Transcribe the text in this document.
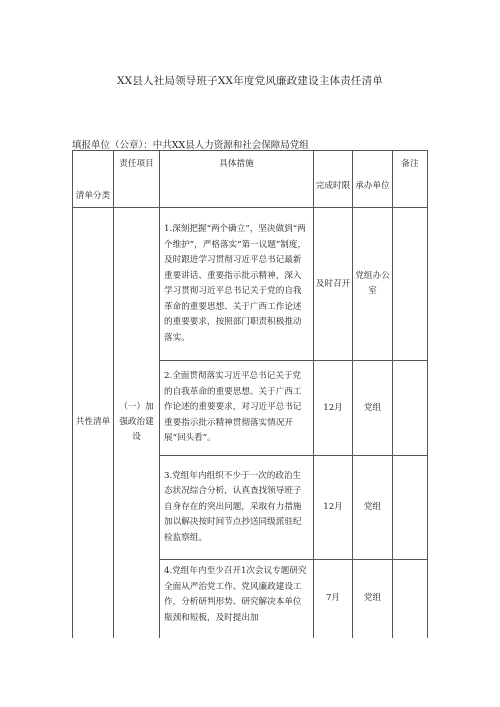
XX县人社局领导班子XX年度党风廉政建设主体责任清单
填报单位（公章）：中共XX县人力资源和社会保障局党组
清单分类	责任项目	具体措施	完成时限	承办单位	备注
共性清单	（一）加强政治建设	1.深刻把握“两个确立”，坚决做到“两个维护”，严格落实“第一议题”制度，及时跟进学习贯彻习近平总书记最新重要讲话、重要指示批示精神，深入学习贯彻习近平总书记关于党的自我革命的重要思想、关于广西工作论述的重要要求，按照部门职责积极推动落实。	及时召开	党组办公室	
		2.全面贯彻落实习近平总书记关于党的自我革命的重要思想、关于广西工作论述的重要要求，对习近平总书记重要指示批示精神贯彻落实情况开展“回头看”。	12月	党组	
		3.党组年内组织不少于一次的政治生态状况综合分析，认真查找领导班子自身存在的突出问题，采取有力措施加以解决按时间节点抄送同级派驻纪检监察组。	12月	党组	
		4.党组年内至少召开1次会议专题研究全面从严治党工作、党风廉政建设工作，分析研判形势、研究解决本单位瓶颈和短板，及时提出加	7月	党组	
